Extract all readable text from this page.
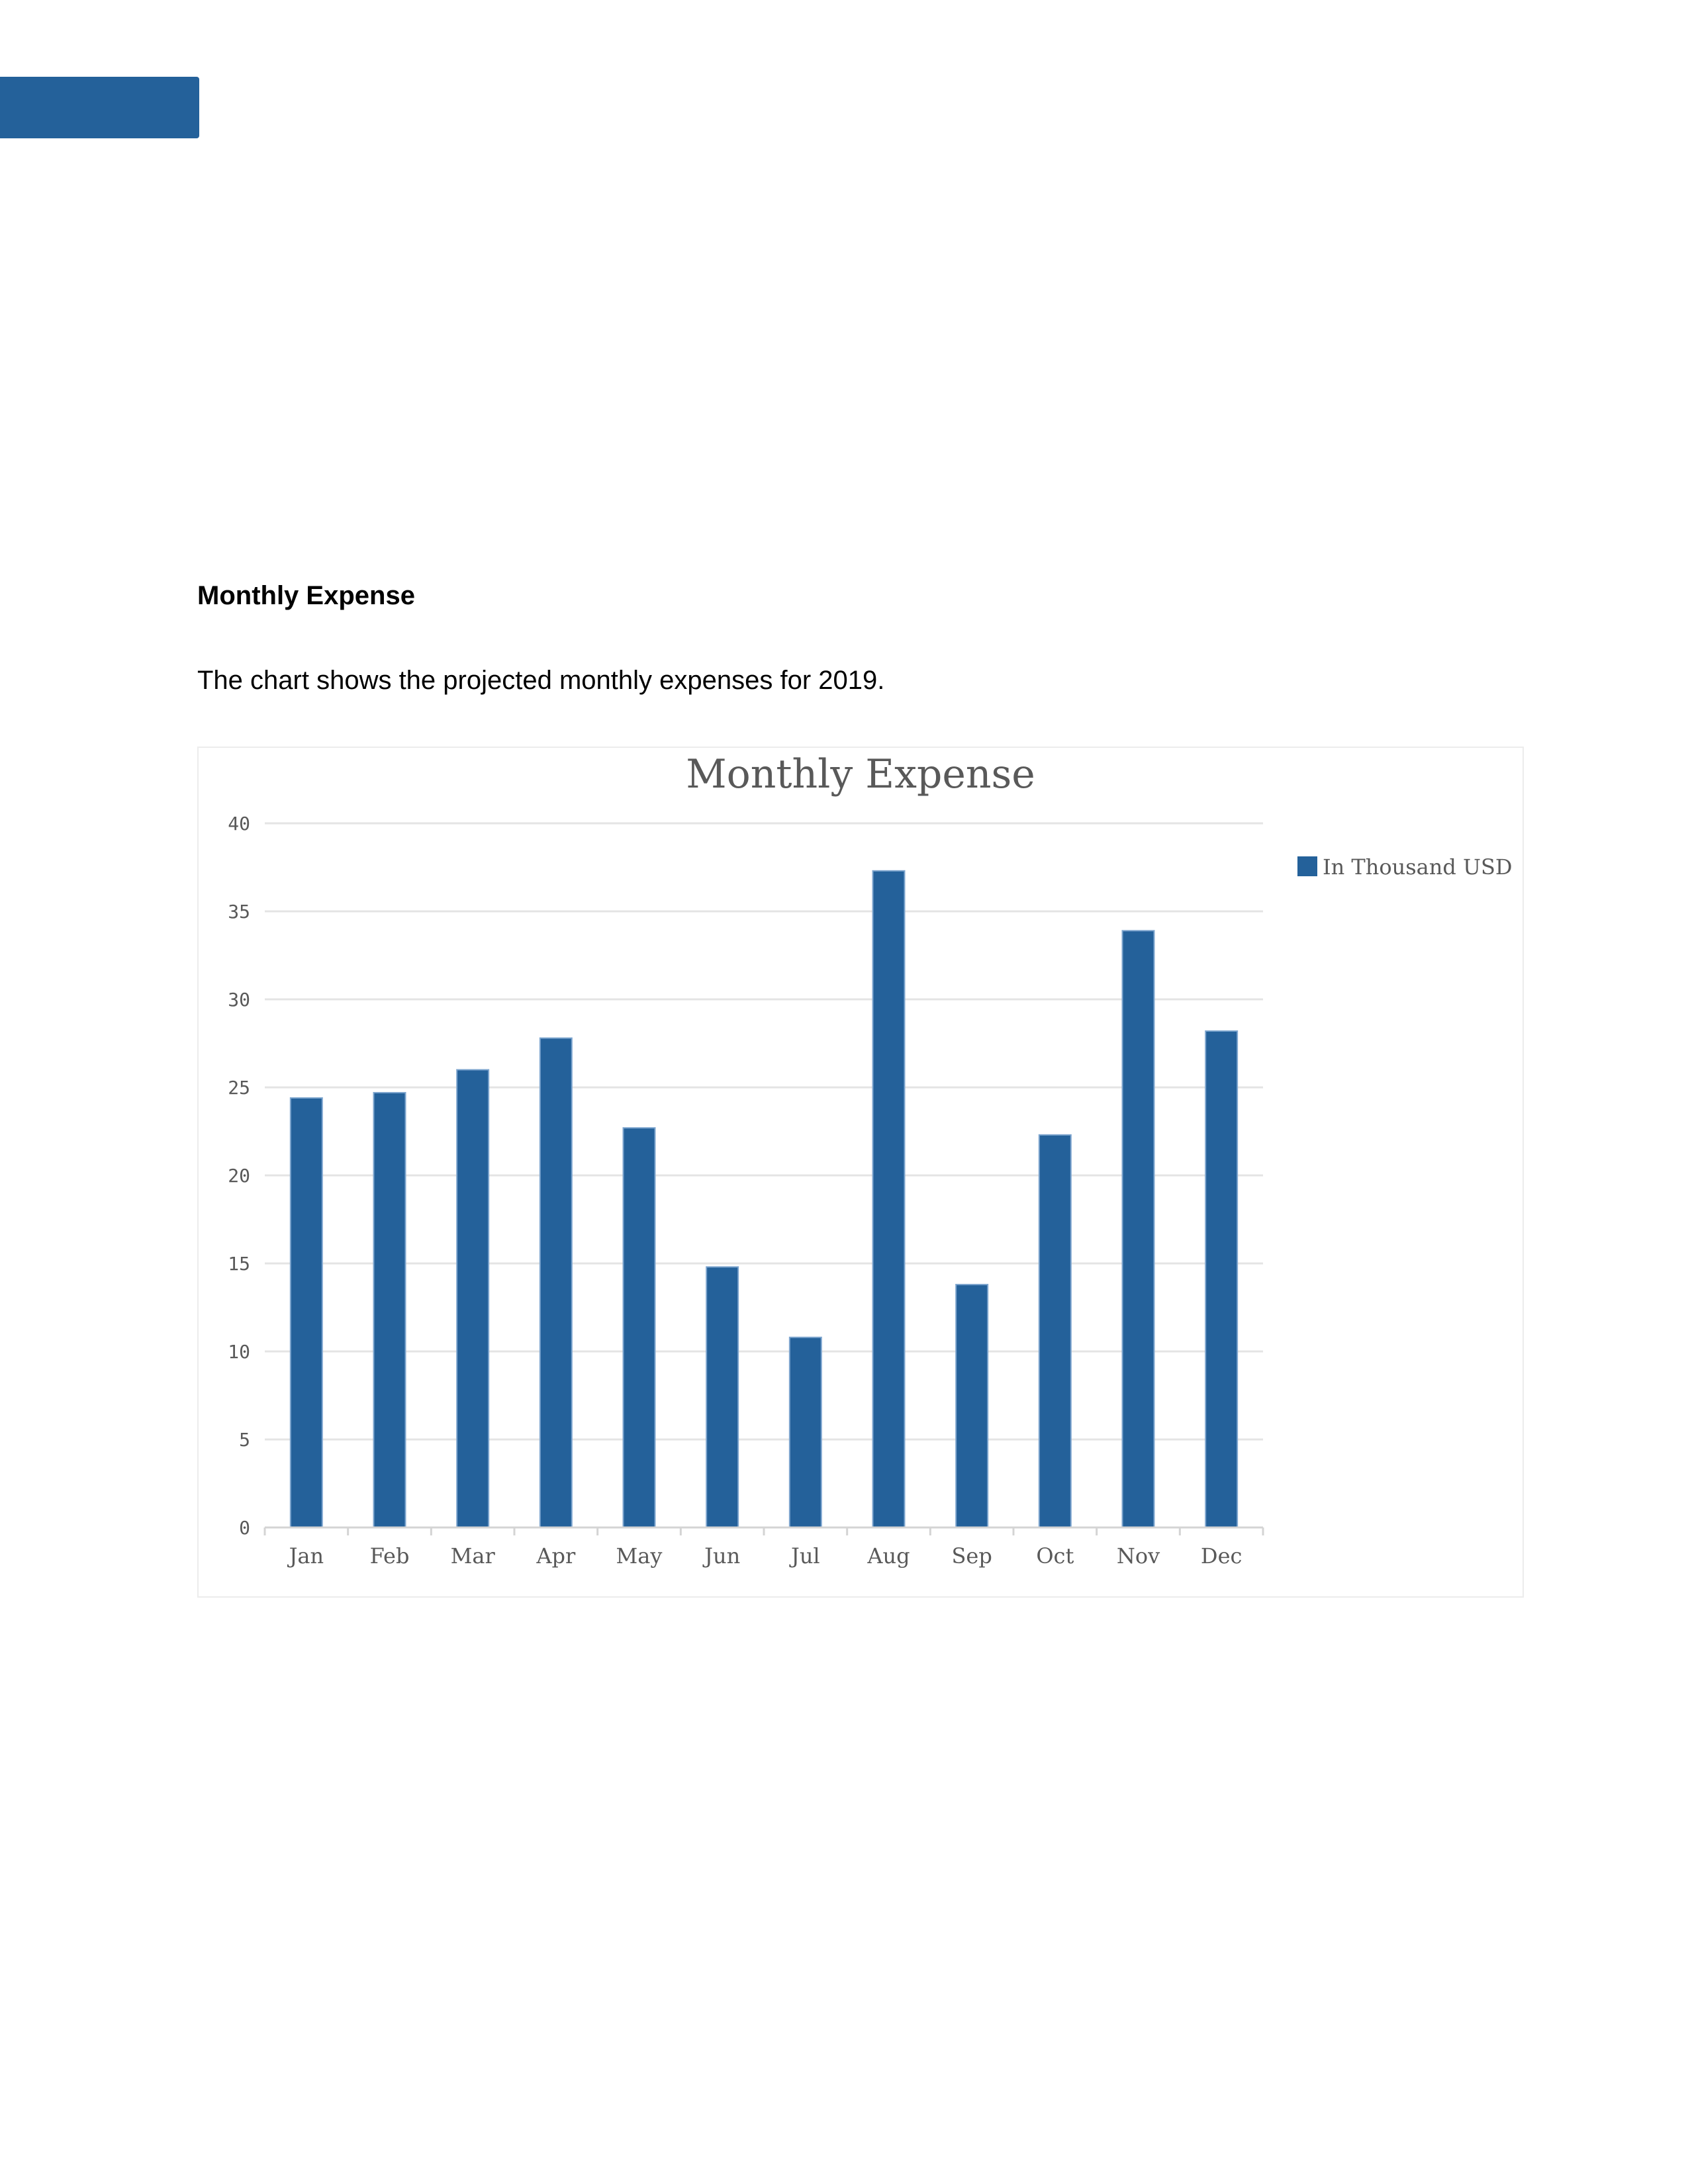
Monthly Expense

The chart shows the projected monthly expenses for 2019.

Monthly Expense
0
5
10
15
20
25
30
35
40
Jan Feb Mar Apr May Jun Jul Aug Sep Oct Nov Dec
In Thousand USD
